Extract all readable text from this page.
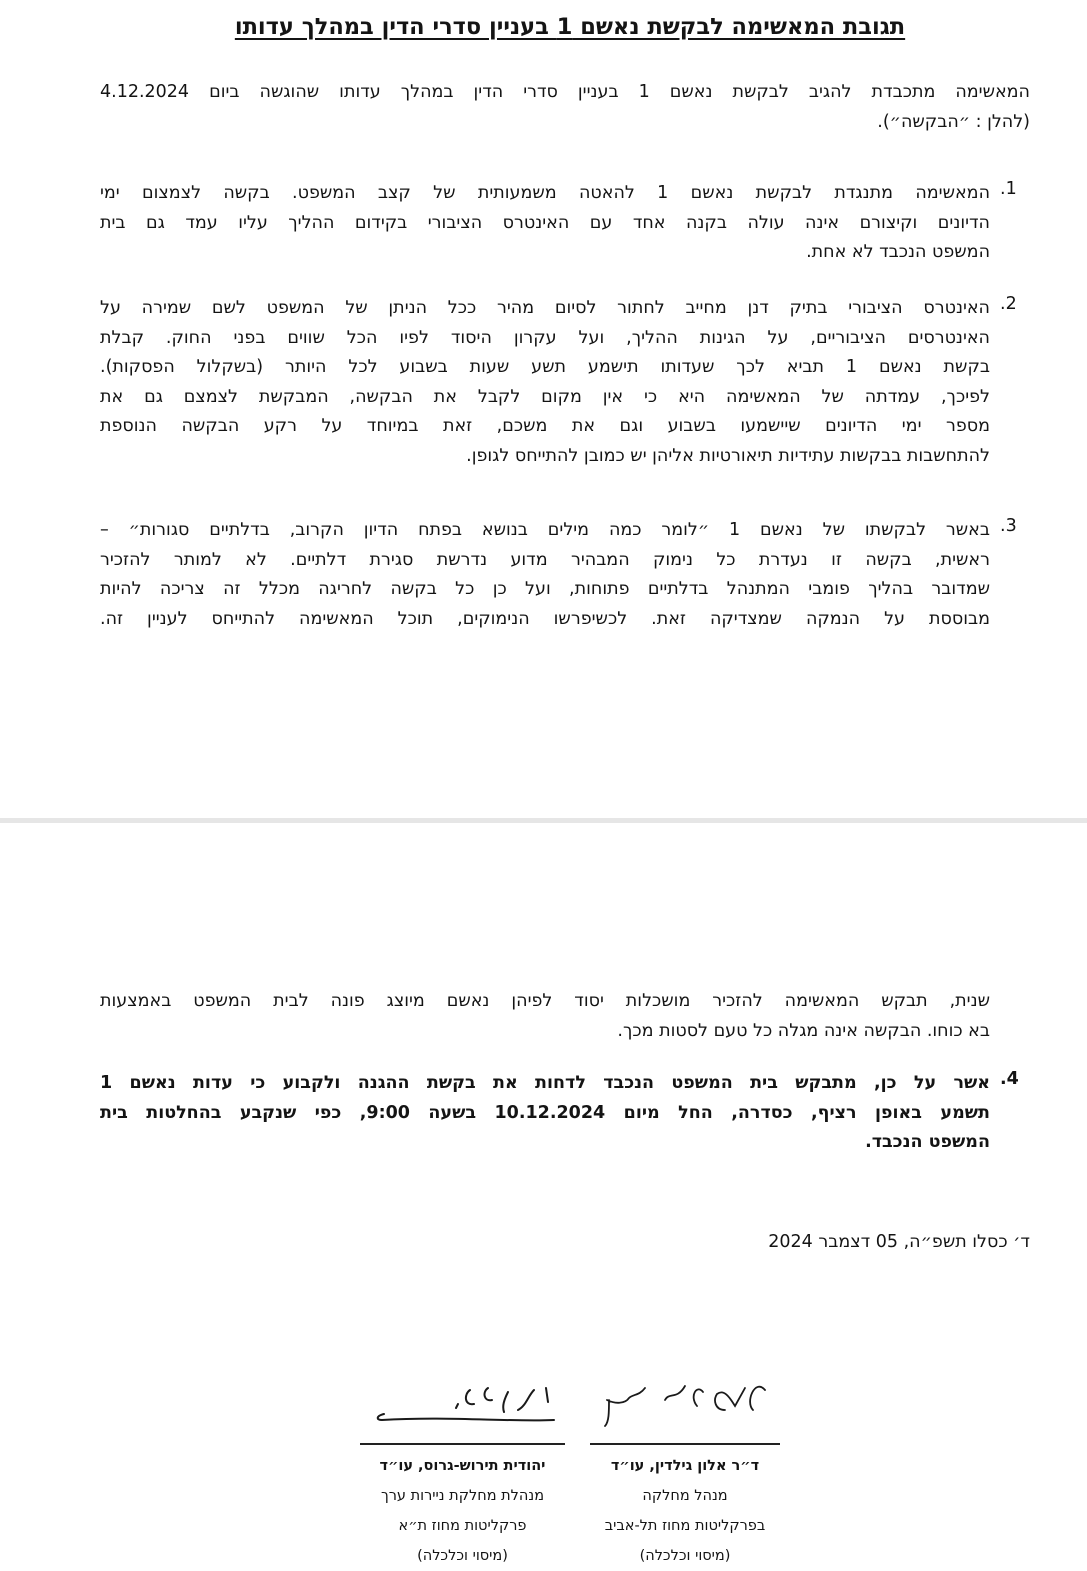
תגובת המאשימה לבקשת נאשם 1 בעניין סדרי הדין במהלך עדותו
המאשימה מתכבדת להגיב לבקשת נאשם 1 בעניין סדרי הדין במהלך עדותו שהוגשה ביום 4.12.2024
(להלן : ״הבקשה״).
1.
המאשימה מתנגדת לבקשת נאשם 1 להאטה משמעותית של קצב המשפט. בקשה לצמצום ימי
הדיונים וקיצורם אינה עולה בקנה אחד עם האינטרס הציבורי בקידום ההליך עליו עמד גם בית
המשפט הנכבד לא אחת.
2.
האינטרס הציבורי בתיק דנן מחייב לחתור לסיום מהיר ככל הניתן של המשפט לשם שמירה על
האינטרסים הציבוריים, על הגינות ההליך, ועל עקרון היסוד לפיו הכל שווים בפני החוק. קבלת
בקשת נאשם 1 תביא לכך שעדותו תישמע תשע שעות בשבוע לכל היותר (בשקלול הפסקות).
לפיכך, עמדתה של המאשימה היא כי אין מקום לקבל את הבקשה, המבקשת לצמצם גם את
מספר ימי הדיונים שיישמעו בשבוע וגם את משכם, זאת במיוחד על רקע הבקשה הנוספת
להתחשבות בבקשות עתידיות תיאורטיות אליהן יש כמובן להתייחס לגופן.
3.
באשר לבקשתו של נאשם 1 ״לומר כמה מילים בנושא בפתח הדיון הקרוב, בדלתיים סגורות״ –
ראשית, בקשה זו נעדרת כל נימוק המבהיר מדוע נדרשת סגירת דלתיים. לא למותר להזכיר
שמדובר בהליך פומבי המתנהל בדלתיים פתוחות, ועל כן כל בקשה לחריגה מכלל זה צריכה להיות
מבוססת על הנמקה שמצדיקה זאת. לכשיפרשו הנימוקים, תוכל המאשימה להתייחס לעניין זה.
שנית, תבקש המאשימה להזכיר מושכלות יסוד לפיהן נאשם מיוצג פונה לבית המשפט באמצעות
בא כוחו. הבקשה אינה מגלה כל טעם לסטות מכך.
4.
אשר על כן, מתבקש בית המשפט הנכבד לדחות את בקשת ההגנה ולקבוע כי עדות נאשם 1
תשמע באופן רציף, כסדרה, החל מיום 10.12.2024 בשעה 9:00, כפי שנקבע בהחלטות בית
המשפט הנכבד.
ד׳ כסלו תשפ״ה, 05 דצמבר 2024
ד״ר אלון גילדין, עו״ד
מנהל מחלקה
בפרקליטות מחוז תל-אביב
(מיסוי וכלכלה)
יהודית תירוש-גרוס, עו״ד
מנהלת מחלקת ניירות ערך
פרקליטות מחוז ת״א
(מיסוי וכלכלה)
